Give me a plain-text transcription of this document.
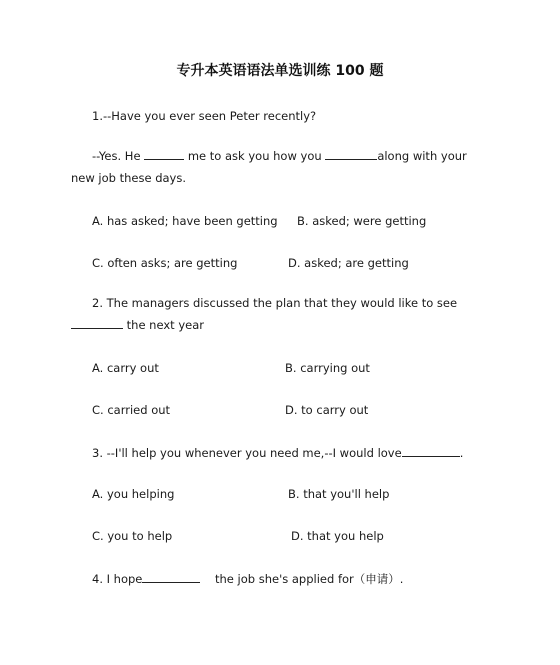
专升本英语语法单选训练 100 题
1.--Have you ever seen Peter recently?
--Yes. He	me to ask you how you	along with your new job these days.
A. has asked; have been getting B. asked; were getting
C. often asks; are getting	D. asked; are getting
2. The managers discussed the plan that they would like to see the next year
A. carry out	B. carrying out
C. carried out	D. to carry out
3. --I'll help you whenever you need me,--I would love	.
A. you helping	B. that you'll help
C. you to help	D. that you help
4. I hope	the job she's applied for（申请）.
